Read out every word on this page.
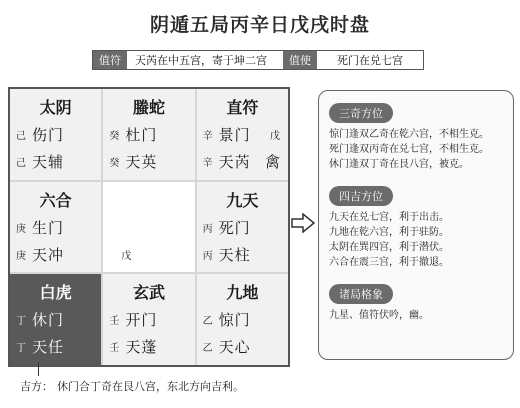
阴遁五局丙辛日戊戌时盘
值符	天芮在中五宫，寄于坤二宫	值使	死门在兑七宫
太阴
己 伤门
己 天辅
螣蛇
癸 杜门
癸 天英
直符
辛 景门 戊
辛 天芮 禽
六合
庚 生门
庚 天冲	戊
九天
丙 死门
丙 天柱
白虎
丁 休门
丁 天任
玄武
壬 开门
壬 天蓬
九地
乙 惊门
乙 天心
三奇方位
惊门逢双乙奇在乾六宫，不相生克。
死门逢双丙奇在兑七宫，不相生克。
休门逢双丁奇在艮八宫，被克。
四吉方位
九天在兑七宫，利于出击。
九地在乾六宫，利于驻防。
太阴在巽四宫，利于潜伏。
六合在震三宫，利于撤退。
诸局格象
九星、值符伏吟，幽。
吉方： 休门合丁奇在艮八宫，东北方向吉利。
